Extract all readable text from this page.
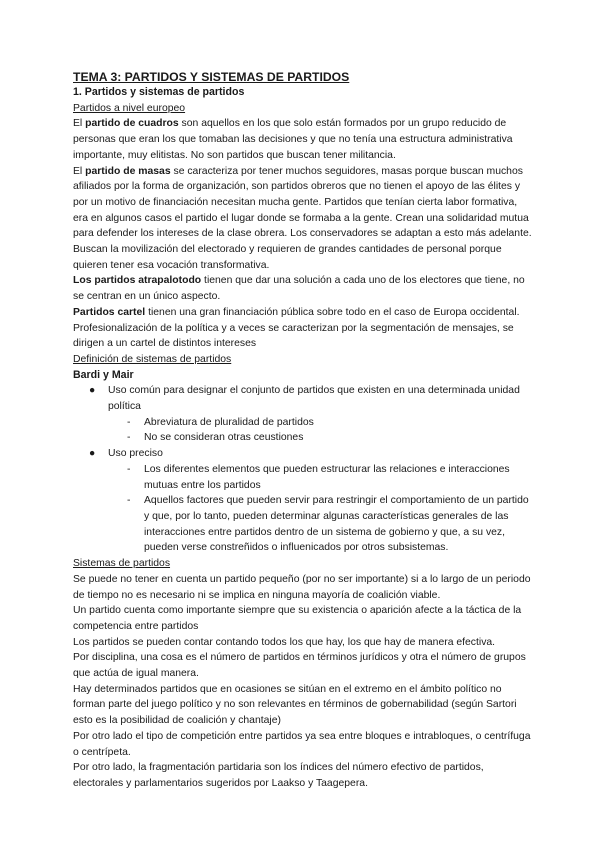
TEMA 3: PARTIDOS Y SISTEMAS DE PARTIDOS

1. Partidos y sistemas de partidos

Partidos a nivel europeo

El partido de cuadros son aquellos en los que solo están formados por un grupo reducido de personas que eran los que tomaban las decisiones y que no tenía una estructura administrativa importante, muy elitistas. No son partidos que buscan tener militancia.

El partido de masas se caracteriza por tener muchos seguidores, masas porque buscan muchos afiliados por la forma de organización, son partidos obreros que no tienen el apoyo de las élites y por un motivo de financiación necesitan mucha gente. Partidos que tenían cierta labor formativa, era en algunos casos el partido el lugar donde se formaba a la gente. Crean una solidaridad mutua para defender los intereses de la clase obrera. Los conservadores se adaptan a esto más adelante. Buscan la movilización del electorado y requieren de grandes cantidades de personal porque quieren tener esa vocación transformativa.

Los partidos atrapalotodo tienen que dar una solución a cada uno de los electores que tiene, no se centran en un único aspecto.

Partidos cartel tienen una gran financiación pública sobre todo en el caso de Europa occidental. Profesionalización de la política y a veces se caracterizan por la segmentación de mensajes, se dirigen a un cartel de distintos intereses

Definición de sistemas de partidos

Bardi y Mair

● Uso común para designar el conjunto de partidos que existen en una determinada unidad política
- Abreviatura de pluralidad de partidos
- No se consideran otras ceustiones
● Uso preciso
- Los diferentes elementos que pueden estructurar las relaciones e interacciones mutuas entre los partidos
- Aquellos factores que pueden servir para restringir el comportamiento de un partido y que, por lo tanto, pueden determinar algunas características generales de las interacciones entre partidos dentro de un sistema de gobierno y que, a su vez, pueden verse constreñidos o influenicados por otros subsistemas.

Sistemas de partidos

Se puede no tener en cuenta un partido pequeño (por no ser importante) si a lo largo de un periodo de tiempo no es necesario ni se implica en ninguna mayoría de coalición viable.

Un partido cuenta como importante siempre que su existencia o aparición afecte a la táctica de la competencia entre partidos

Los partidos se pueden contar contando todos los que hay, los que hay de manera efectiva.

Por disciplina, una cosa es el número de partidos en términos jurídicos y otra el número de grupos que actúa de igual manera.

Hay determinados partidos que en ocasiones se sitúan en el extremo en el ámbito político no forman parte del juego político y no son relevantes en términos de gobernabilidad (según Sartori esto es la posibilidad de coalición y chantaje)

Por otro lado el tipo de competición entre partidos ya sea entre bloques e intrabloques, o centrífuga o centrípeta.

Por otro lado, la fragmentación partidaria son los índices del número efectivo de partidos, electorales y parlamentarios sugeridos por Laakso y Taagepera.
